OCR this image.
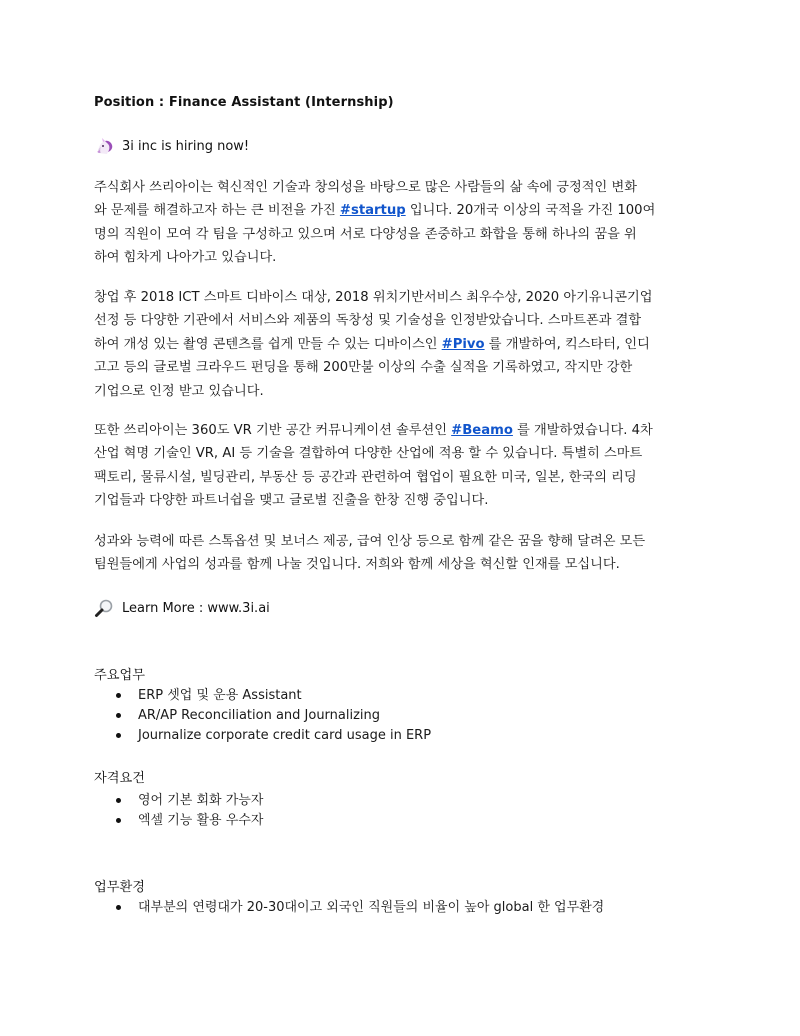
Position : Finance Assistant (Internship)
3i inc is hiring now!
주식회사 쓰리아이는 혁신적인 기술과 창의성을 바탕으로 많은 사람들의 삶 속에 긍정적인 변화
와 문제를 해결하고자 하는 큰 비전을 가진 #startup 입니다. 20개국 이상의 국적을 가진 100여
명의 직원이 모여 각 팀을 구성하고 있으며 서로 다양성을 존중하고 화합을 통해 하나의 꿈을 위
하여 힘차게 나아가고 있습니다.
창업 후 2018 ICT 스마트 디바이스 대상, 2018 위치기반서비스 최우수상, 2020 아기유니콘기업
선정 등 다양한 기관에서 서비스와 제품의 독창성 및 기술성을 인정받았습니다. 스마트폰과 결합
하여 개성 있는 촬영 콘텐츠를 쉽게 만들 수 있는 디바이스인 #Pivo 를 개발하여, 킥스타터, 인디
고고 등의 글로벌 크라우드 펀딩을 통해 200만불 이상의 수출 실적을 기록하였고, 작지만 강한
기업으로 인정 받고 있습니다.
또한 쓰리아이는 360도 VR 기반 공간 커뮤니케이션 솔루션인 #Beamo 를 개발하였습니다. 4차
산업 혁명 기술인 VR, AI 등 기술을 결합하여 다양한 산업에 적용 할 수 있습니다. 특별히 스마트
팩토리, 물류시설, 빌딩관리, 부동산 등 공간과 관련하여 협업이 필요한 미국, 일본, 한국의 리딩
기업들과 다양한 파트너쉽을 맺고 글로벌 진출을 한창 진행 중입니다.
성과와 능력에 따른 스톡옵션 및 보너스 제공, 급여 인상 등으로 함께 같은 꿈을 향해 달려온 모든
팀원들에게 사업의 성과를 함께 나눌 것입니다. 저희와 함께 세상을 혁신할 인재를 모십니다.
Learn More : www.3i.ai
주요업무
ERP 셋업 및 운용 Assistant
AR/AP Reconciliation and Journalizing
Journalize corporate credit card usage in ERP
자격요건
영어 기본 회화 가능자
엑셀 기능 활용 우수자
업무환경
대부분의 연령대가 20-30대이고 외국인 직원들의 비율이 높아 global 한 업무환경
